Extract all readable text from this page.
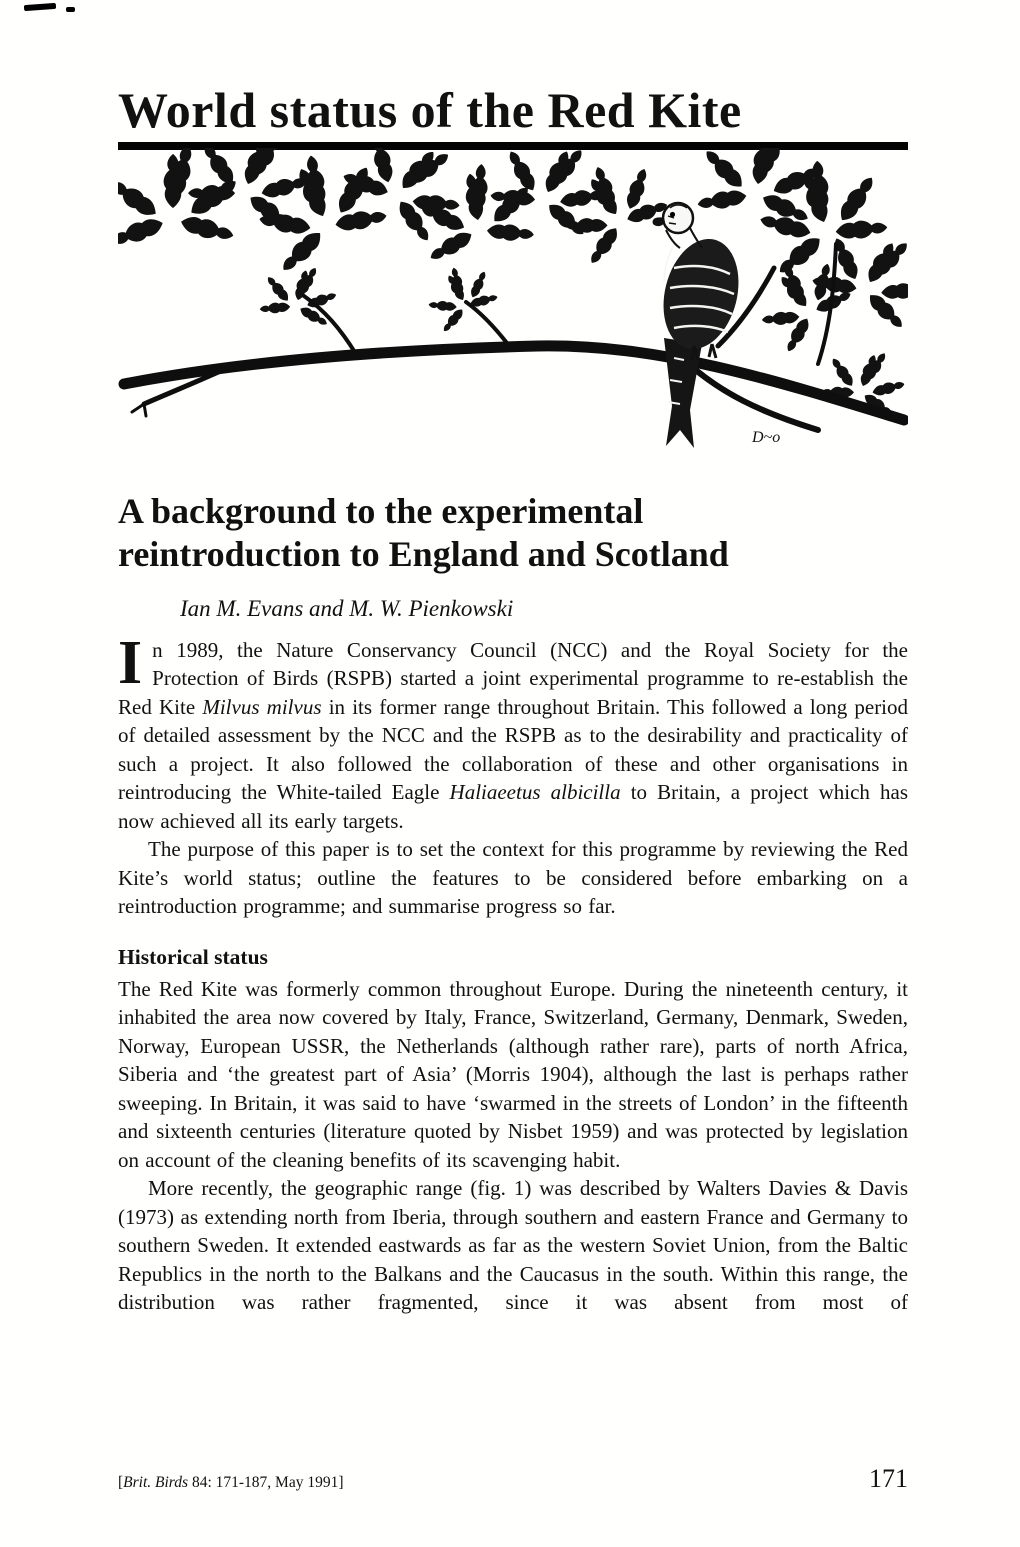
World status of the Red Kite
D~o
A background to the experimental
reintroduction to England and Scotland
Ian M. Evans and M. W. Pienkowski

In 1989, the Nature Conservancy Council (NCC) and the Royal Society for the Protection of Birds (RSPB) started a joint experimental programme to re-establish the Red Kite Milvus milvus in its former range throughout Britain. This followed a long period of detailed assessment by the NCC and the RSPB as to the desirability and practicality of such a project. It also followed the collaboration of these and other organisations in reintroducing the White-tailed Eagle Haliaeetus albicilla to Britain, a project which has now achieved all its early targets.

The purpose of this paper is to set the context for this programme by reviewing the Red Kite’s world status; outline the features to be considered before embarking on a reintroduction programme; and summarise progress so far.

Historical status

The Red Kite was formerly common throughout Europe. During the nineteenth century, it inhabited the area now covered by Italy, France, Switzerland, Germany, Denmark, Sweden, Norway, European USSR, the Netherlands (although rather rare), parts of north Africa, Siberia and ‘the greatest part of Asia’ (Morris 1904), although the last is perhaps rather sweeping. In Britain, it was said to have ‘swarmed in the streets of London’ in the fifteenth and sixteenth centuries (literature quoted by Nisbet 1959) and was protected by legislation on account of the cleaning benefits of its scavenging habit.

More recently, the geographic range (fig. 1) was described by Walters Davies & Davis (1973) as extending north from Iberia, through southern and eastern France and Germany to southern Sweden. It extended eastwards as far as the western Soviet Union, from the Baltic Republics in the north to the Balkans and the Caucasus in the south. Within this range, the distribution was rather fragmented, since it was absent from most of

[Brit. Birds 84: 171-187, May 1991]	171
